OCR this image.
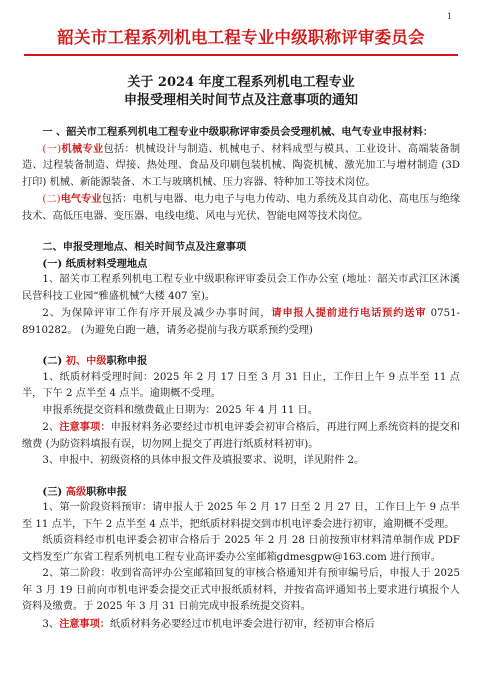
1
韶关市工程系列机电工程专业中级职称评审委员会
关于 2024 年度工程系列机电工程专业
申报受理相关时间节点及注意事项的通知

一 、韶关市工程系列机电工程专业中级职称评审委员会受理机械、电气专业申报材料：

(一)机械专业包括：机械设计与制造、机械电子、材料成型与模具、工业设计、高端装备制造、过程装备制造、焊接、热处理、食品及印刷包装机械、陶瓷机械、激光加工与增材制造 (3D 打印) 机械、新能源装备、木工与玻璃机械、压力容器、特种加工等技术岗位。

(二)电气专业包括：电机与电器、电力电子与电力传动、电力系统及其自动化、高电压与绝缘技术、高低压电器、变压器、电线电缆、风电与光伏、智能电网等技术岗位。

二、申报受理地点、相关时间节点及注意事项

(一) 纸质材料受理地点

1、韶关市工程系列机电工程专业中级职称评审委员会工作办公室 (地址：韶关市武江区沐溪民营科技工业园“雅盛机械”大楼 407 室)。

2、为保障评审工作有序开展及减少办事时间，请申报人提前进行电话预约送审 0751-8910282。 (为避免白跑一趟，请务必提前与我方联系预约受理)

(二) 初、中级职称申报

1、纸质材料受理时间：2025 年 2 月 17 日至 3 月 31 日止，工作日上午 9 点半至 11 点半，下午 2 点半至 4 点半。逾期概不受理。

申报系统提交资料和缴费截止日期为：2025 年 4 月 11 日。

2、注意事项：申报材料务必要经过市机电评委会初审合格后，再进行网上系统资料的提交和缴费 (为防资料填报有误，切勿网上提交了再进行纸质材料初审)。

3、申报中、初级资格的具体申报文件及填报要求、说明，详见附件 2。

(三) 高级职称申报

1、第一阶段资料预审：请申报人于 2025 年 2 月 17 日至 2 月 27 日，工作日上午 9 点半至 11 点半，下午 2 点半至 4 点半，把纸质材料提交到市机电评委会进行初审，逾期概不受理。

纸质资料经市机电评委会初审合格后于 2025 年 2 月 28 日前按预审材料清单制作成 PDF 文档发至广东省工程系列机电工程专业高评委办公室邮箱gdmesgpw@163.com 进行预审。

2、第二阶段：收到省高评办公室邮箱回复的审核合格通知并有预审编号后，申报人于 2025 年 3 月 19 日前向市机电评委会提交正式申报纸质材料，并按省高评通知书上要求进行填报个人资料及缴费。于 2025 年 3 月 31 日前完成申报系统提交资料。

3、注意事项：纸质材料务必要经过市机电评委会进行初审，经初审合格后
